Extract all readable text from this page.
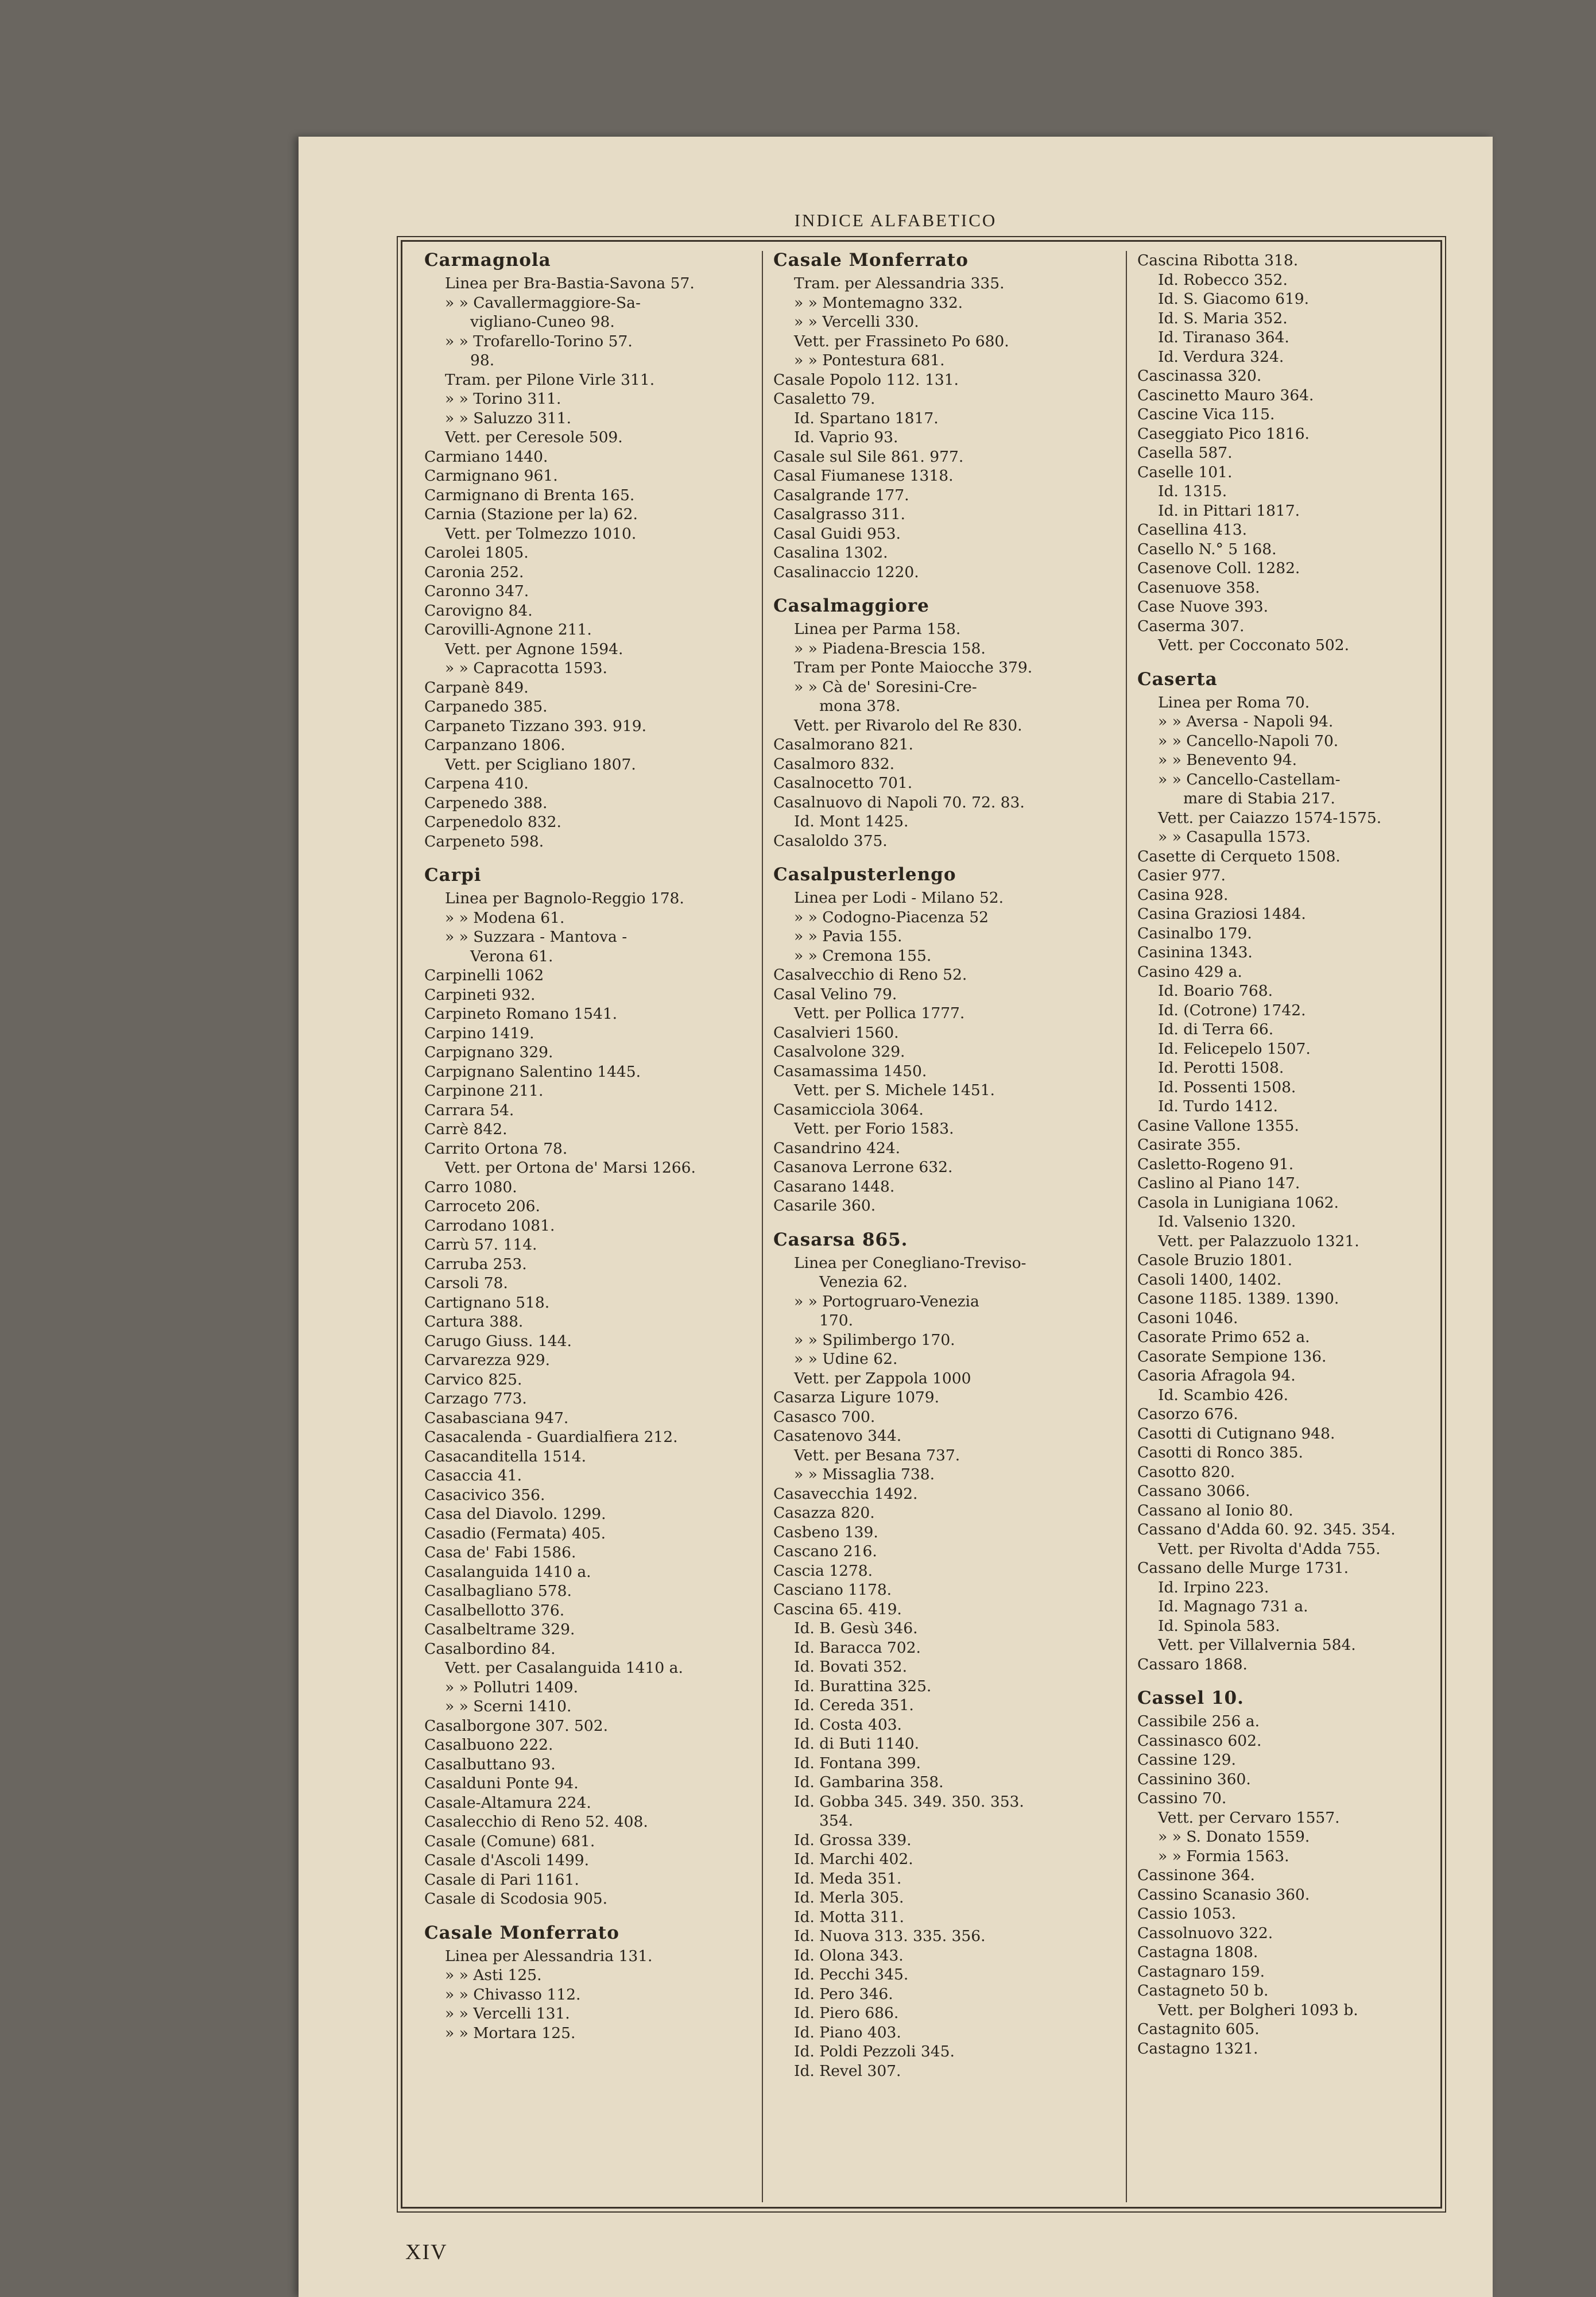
INDICE ALFABETICO
Carmagnola
Linea per Bra-Bastia-Savona 57.
» » Cavallermaggiore-Sa-
vigliano-Cuneo 98.
» » Trofarello-Torino 57.
98.
Tram. per Pilone Virle 311.
» » Torino 311.
» » Saluzzo 311.
Vett. per Ceresole 509.
Carmiano 1440.
Carmignano 961.
Carmignano di Brenta 165.
Carnia (Stazione per la) 62.
Vett. per Tolmezzo 1010.
Carolei 1805.
Caronia 252.
Caronno 347.
Carovigno 84.
Carovilli-Agnone 211.
Vett. per Agnone 1594.
» » Capracotta 1593.
Carpanè 849.
Carpanedo 385.
Carpaneto Tizzano 393. 919.
Carpanzano 1806.
Vett. per Scigliano 1807.
Carpena 410.
Carpenedo 388.
Carpenedolo 832.
Carpeneto 598.
Carpi
Linea per Bagnolo-Reggio 178.
» » Modena 61.
» » Suzzara - Mantova -
Verona 61.
Carpinelli 1062
Carpineti 932.
Carpineto Romano 1541.
Carpino 1419.
Carpignano 329.
Carpignano Salentino 1445.
Carpinone 211.
Carrara 54.
Carrè 842.
Carrito Ortona 78.
Vett. per Ortona de' Marsi 1266.
Carro 1080.
Carroceto 206.
Carrodano 1081.
Carrù 57. 114.
Carruba 253.
Carsoli 78.
Cartignano 518.
Cartura 388.
Carugo Giuss. 144.
Carvarezza 929.
Carvico 825.
Carzago 773.
Casabasciana 947.
Casacalenda - Guardialfiera 212.
Casacanditella 1514.
Casaccia 41.
Casacivico 356.
Casa del Diavolo. 1299.
Casadio (Fermata) 405.
Casa de' Fabi 1586.
Casalanguida 1410 a.
Casalbagliano 578.
Casalbellotto 376.
Casalbeltrame 329.
Casalbordino 84.
Vett. per Casalanguida 1410 a.
» » Pollutri 1409.
» » Scerni 1410.
Casalborgone 307. 502.
Casalbuono 222.
Casalbuttano 93.
Casalduni Ponte 94.
Casale-Altamura 224.
Casalecchio di Reno 52. 408.
Casale (Comune) 681.
Casale d'Ascoli 1499.
Casale di Pari 1161.
Casale di Scodosia 905.
Casale Monferrato
Linea per Alessandria 131.
» » Asti 125.
» » Chivasso 112.
» » Vercelli 131.
» » Mortara 125.
Casale Monferrato
Tram. per Alessandria 335.
» » Montemagno 332.
» » Vercelli 330.
Vett. per Frassineto Po 680.
» » Pontestura 681.
Casale Popolo 112. 131.
Casaletto 79.
Id. Spartano 1817.
Id. Vaprio 93.
Casale sul Sile 861. 977.
Casal Fiumanese 1318.
Casalgrande 177.
Casalgrasso 311.
Casal Guidi 953.
Casalina 1302.
Casalinaccio 1220.
Casalmaggiore
Linea per Parma 158.
» » Piadena-Brescia 158.
Tram per Ponte Maiocche 379.
» » Cà de' Soresini-Cre-
mona 378.
Vett. per Rivarolo del Re 830.
Casalmorano 821.
Casalmoro 832.
Casalnocetto 701.
Casalnuovo di Napoli 70. 72. 83.
Id. Mont 1425.
Casaloldo 375.
Casalpusterlengo
Linea per Lodi - Milano 52.
» » Codogno-Piacenza 52
» » Pavia 155.
» » Cremona 155.
Casalvecchio di Reno 52.
Casal Velino 79.
Vett. per Pollica 1777.
Casalvieri 1560.
Casalvolone 329.
Casamassima 1450.
Vett. per S. Michele 1451.
Casamicciola 3064.
Vett. per Forio 1583.
Casandrino 424.
Casanova Lerrone 632.
Casarano 1448.
Casarile 360.
Casarsa 865.
Linea per Conegliano-Treviso-
Venezia 62.
» » Portogruaro-Venezia
170.
» » Spilimbergo 170.
» » Udine 62.
Vett. per Zappola 1000
Casarza Ligure 1079.
Casasco 700.
Casatenovo 344.
Vett. per Besana 737.
» » Missaglia 738.
Casavecchia 1492.
Casazza 820.
Casbeno 139.
Cascano 216.
Cascia 1278.
Casciano 1178.
Cascina 65. 419.
Id. B. Gesù 346.
Id. Baracca 702.
Id. Bovati 352.
Id. Burattina 325.
Id. Cereda 351.
Id. Costa 403.
Id. di Buti 1140.
Id. Fontana 399.
Id. Gambarina 358.
Id. Gobba 345. 349. 350. 353.
354.
Id. Grossa 339.
Id. Marchi 402.
Id. Meda 351.
Id. Merla 305.
Id. Motta 311.
Id. Nuova 313. 335. 356.
Id. Olona 343.
Id. Pecchi 345.
Id. Pero 346.
Id. Piero 686.
Id. Piano 403.
Id. Poldi Pezzoli 345.
Id. Revel 307.
Cascina Ribotta 318.
Id. Robecco 352.
Id. S. Giacomo 619.
Id. S. Maria 352.
Id. Tiranaso 364.
Id. Verdura 324.
Cascinassa 320.
Cascinetto Mauro 364.
Cascine Vica 115.
Caseggiato Pico 1816.
Casella 587.
Caselle 101.
Id. 1315.
Id. in Pittari 1817.
Casellina 413.
Casello N.° 5 168.
Casenove Coll. 1282.
Casenuove 358.
Case Nuove 393.
Caserma 307.
Vett. per Cocconato 502.
Caserta
Linea per Roma 70.
» » Aversa - Napoli 94.
» » Cancello-Napoli 70.
» » Benevento 94.
» » Cancello-Castellam-
mare di Stabia 217.
Vett. per Caiazzo 1574-1575.
» » Casapulla 1573.
Casette di Cerqueto 1508.
Casier 977.
Casina 928.
Casina Graziosi 1484.
Casinalbo 179.
Casinina 1343.
Casino 429 a.
Id. Boario 768.
Id. (Cotrone) 1742.
Id. di Terra 66.
Id. Felicepelo 1507.
Id. Perotti 1508.
Id. Possenti 1508.
Id. Turdo 1412.
Casine Vallone 1355.
Casirate 355.
Casletto-Rogeno 91.
Caslino al Piano 147.
Casola in Lunigiana 1062.
Id. Valsenio 1320.
Vett. per Palazzuolo 1321.
Casole Bruzio 1801.
Casoli 1400, 1402.
Casone 1185. 1389. 1390.
Casoni 1046.
Casorate Primo 652 a.
Casorate Sempione 136.
Casoria Afragola 94.
Id. Scambio 426.
Casorzo 676.
Casotti di Cutignano 948.
Casotti di Ronco 385.
Casotto 820.
Cassano 3066.
Cassano al Ionio 80.
Cassano d'Adda 60. 92. 345. 354.
Vett. per Rivolta d'Adda 755.
Cassano delle Murge 1731.
Id. Irpino 223.
Id. Magnago 731 a.
Id. Spinola 583.
Vett. per Villalvernia 584.
Cassaro 1868.
Cassel 10.
Cassibile 256 a.
Cassinasco 602.
Cassine 129.
Cassinino 360.
Cassino 70.
Vett. per Cervaro 1557.
» » S. Donato 1559.
» » Formia 1563.
Cassinone 364.
Cassino Scanasio 360.
Cassio 1053.
Cassolnuovo 322.
Castagna 1808.
Castagnaro 159.
Castagneto 50 b.
Vett. per Bolgheri 1093 b.
Castagnito 605.
Castagno 1321.
XIV
